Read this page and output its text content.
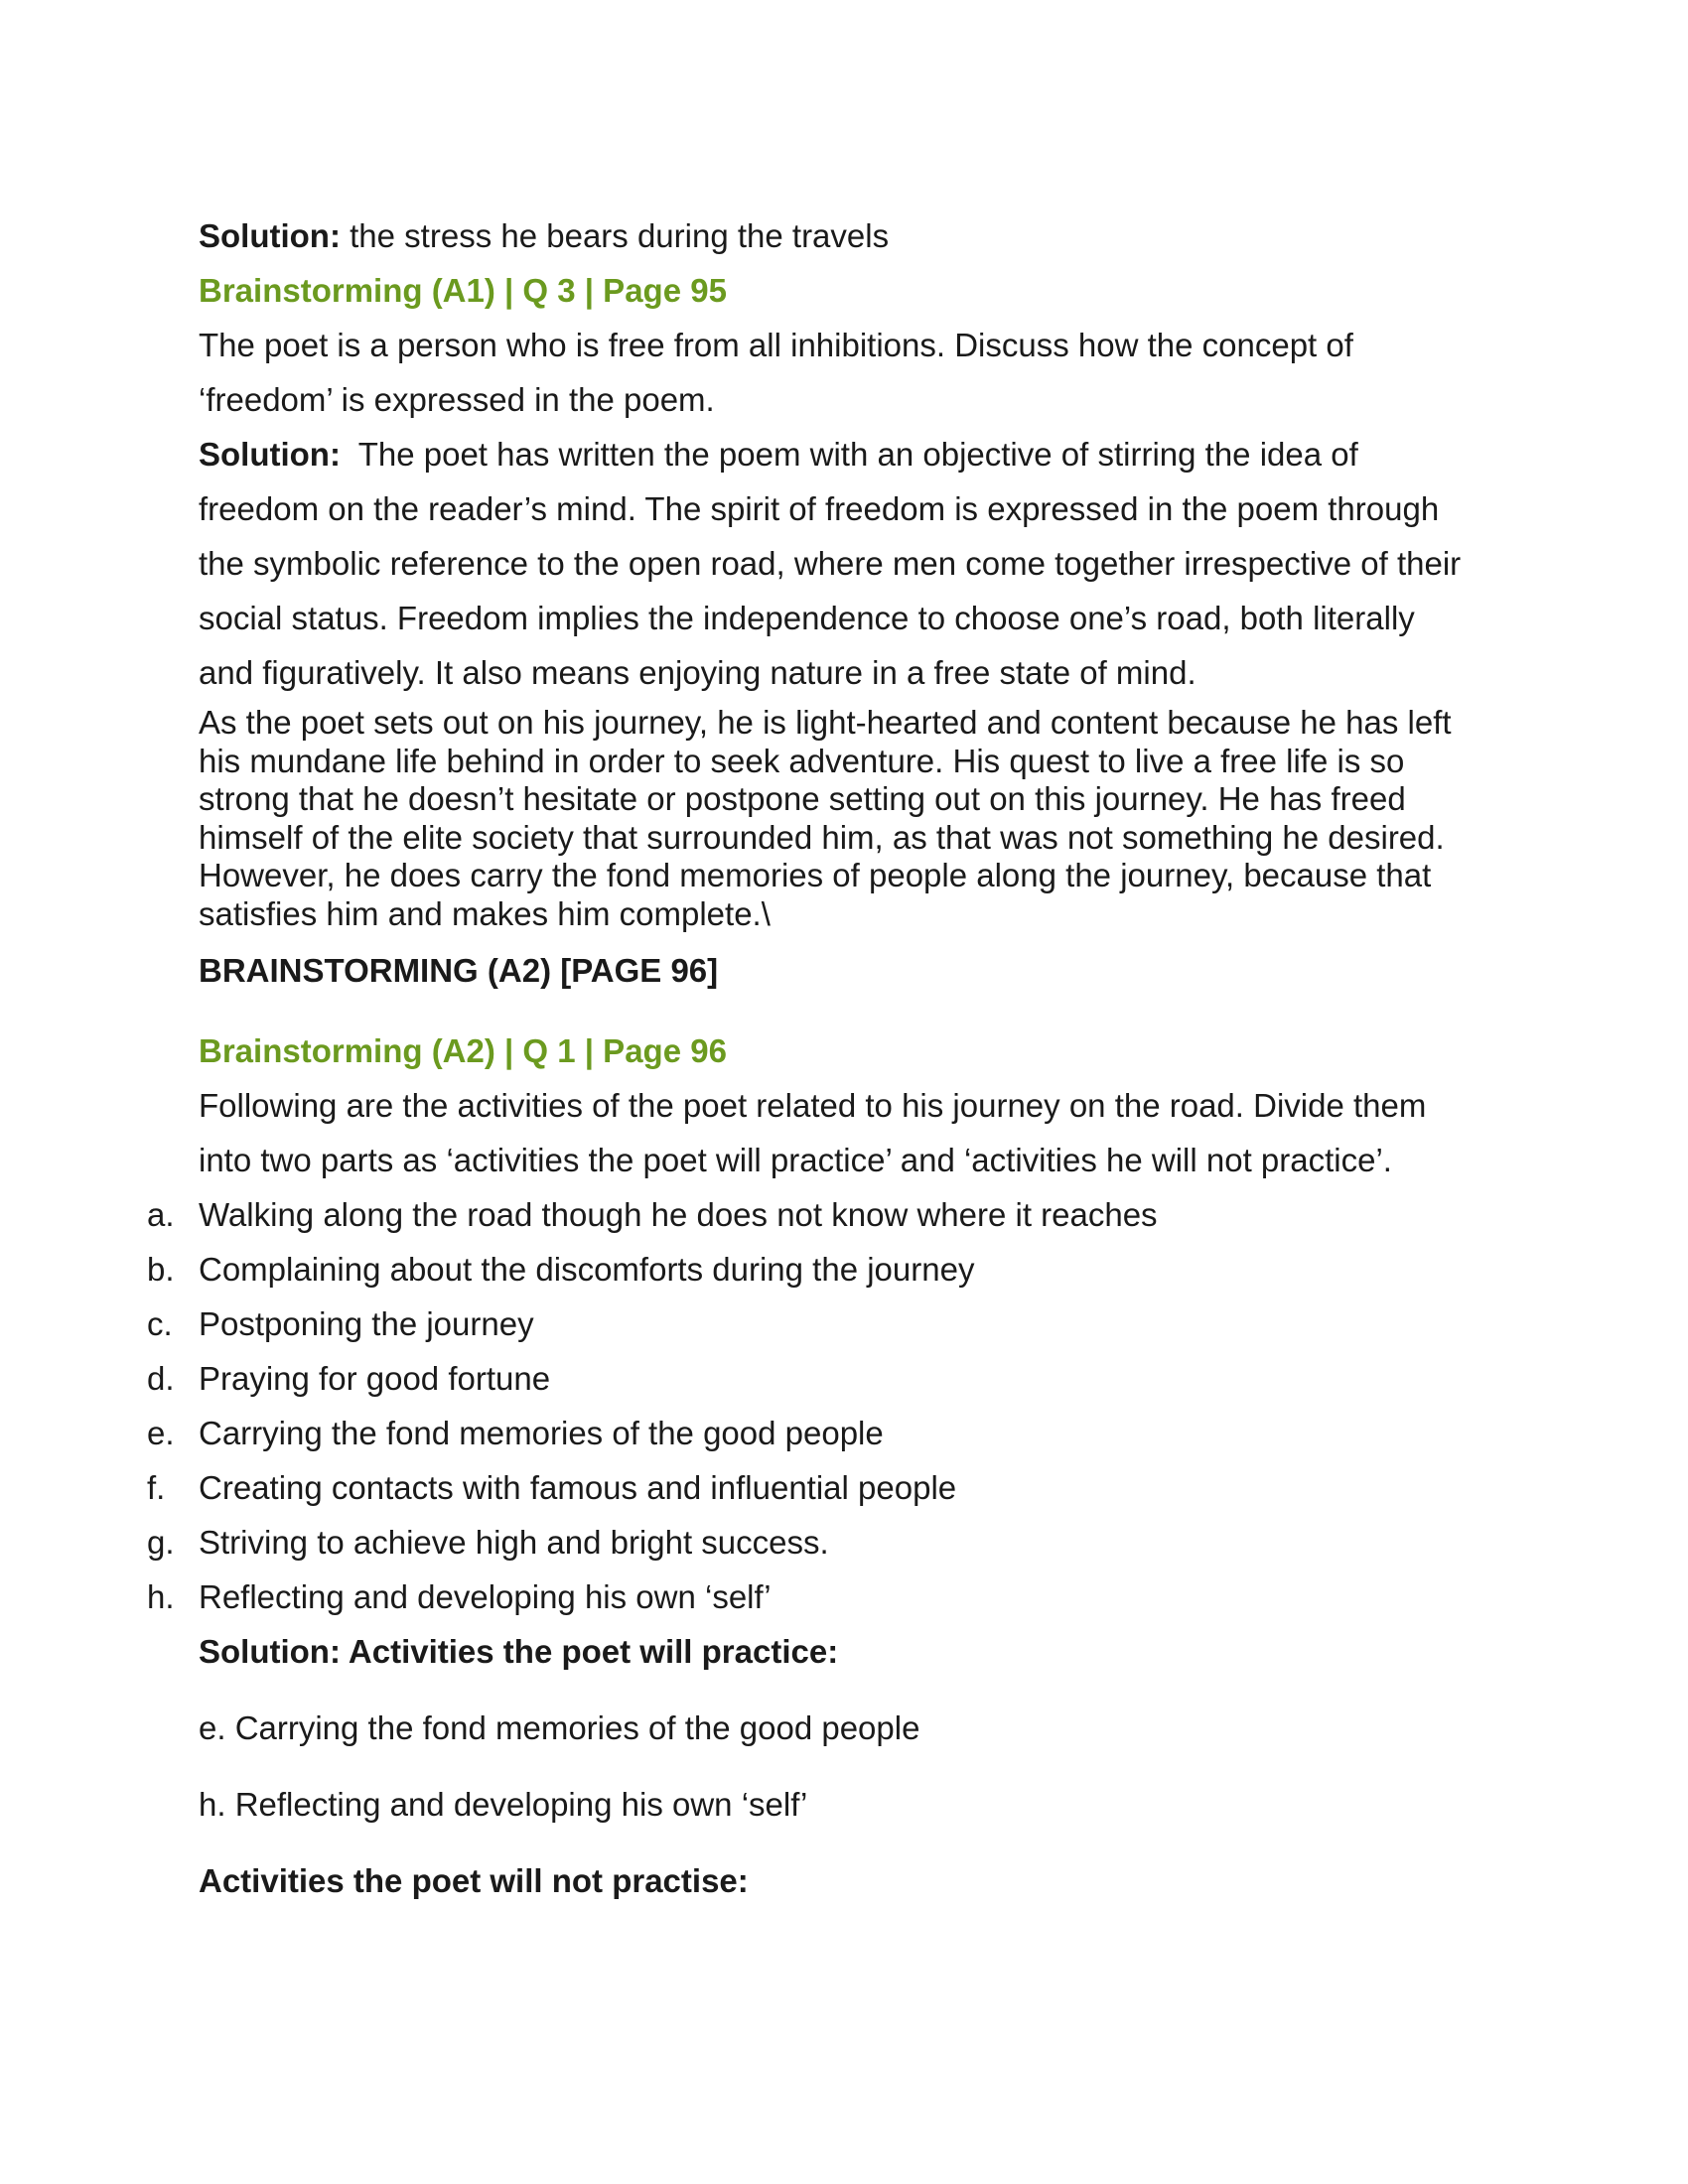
Solution: the stress he bears during the travels

Brainstorming (A1) | Q 3 | Page 95

The poet is a person who is free from all inhibitions. Discuss how the concept of

‘freedom’ is expressed in the poem.

Solution:  The poet has written the poem with an objective of stirring the idea of

freedom on the reader’s mind. The spirit of freedom is expressed in the poem through

the symbolic reference to the open road, where men come together irrespective of their

social status. Freedom implies the independence to choose one’s road, both literally

and figuratively. It also means enjoying nature in a free state of mind.

As the poet sets out on his journey, he is light-hearted and content because he has left

his mundane life behind in order to seek adventure. His quest to live a free life is so

strong that he doesn’t hesitate or postpone setting out on this journey. He has freed

himself of the elite society that surrounded him, as that was not something he desired.

However, he does carry the fond memories of people along the journey, because that

satisfies him and makes him complete.\

BRAINSTORMING (A2) [PAGE 96]

Brainstorming (A2) | Q 1 | Page 96

Following are the activities of the poet related to his journey on the road. Divide them

into two parts as ‘activities the poet will practice’ and ‘activities he will not practice’.

a. Walking along the road though he does not know where it reaches
b. Complaining about the discomforts during the journey
c. Postponing the journey
d. Praying for good fortune
e. Carrying the fond memories of the good people
f.	Creating contacts with famous and influential people
g. Striving to achieve high and bright success.
h. Reflecting and developing his own ‘self’

Solution: Activities the poet will practice:

e. Carrying the fond memories of the good people

h. Reflecting and developing his own ‘self’

Activities the poet will not practise:
